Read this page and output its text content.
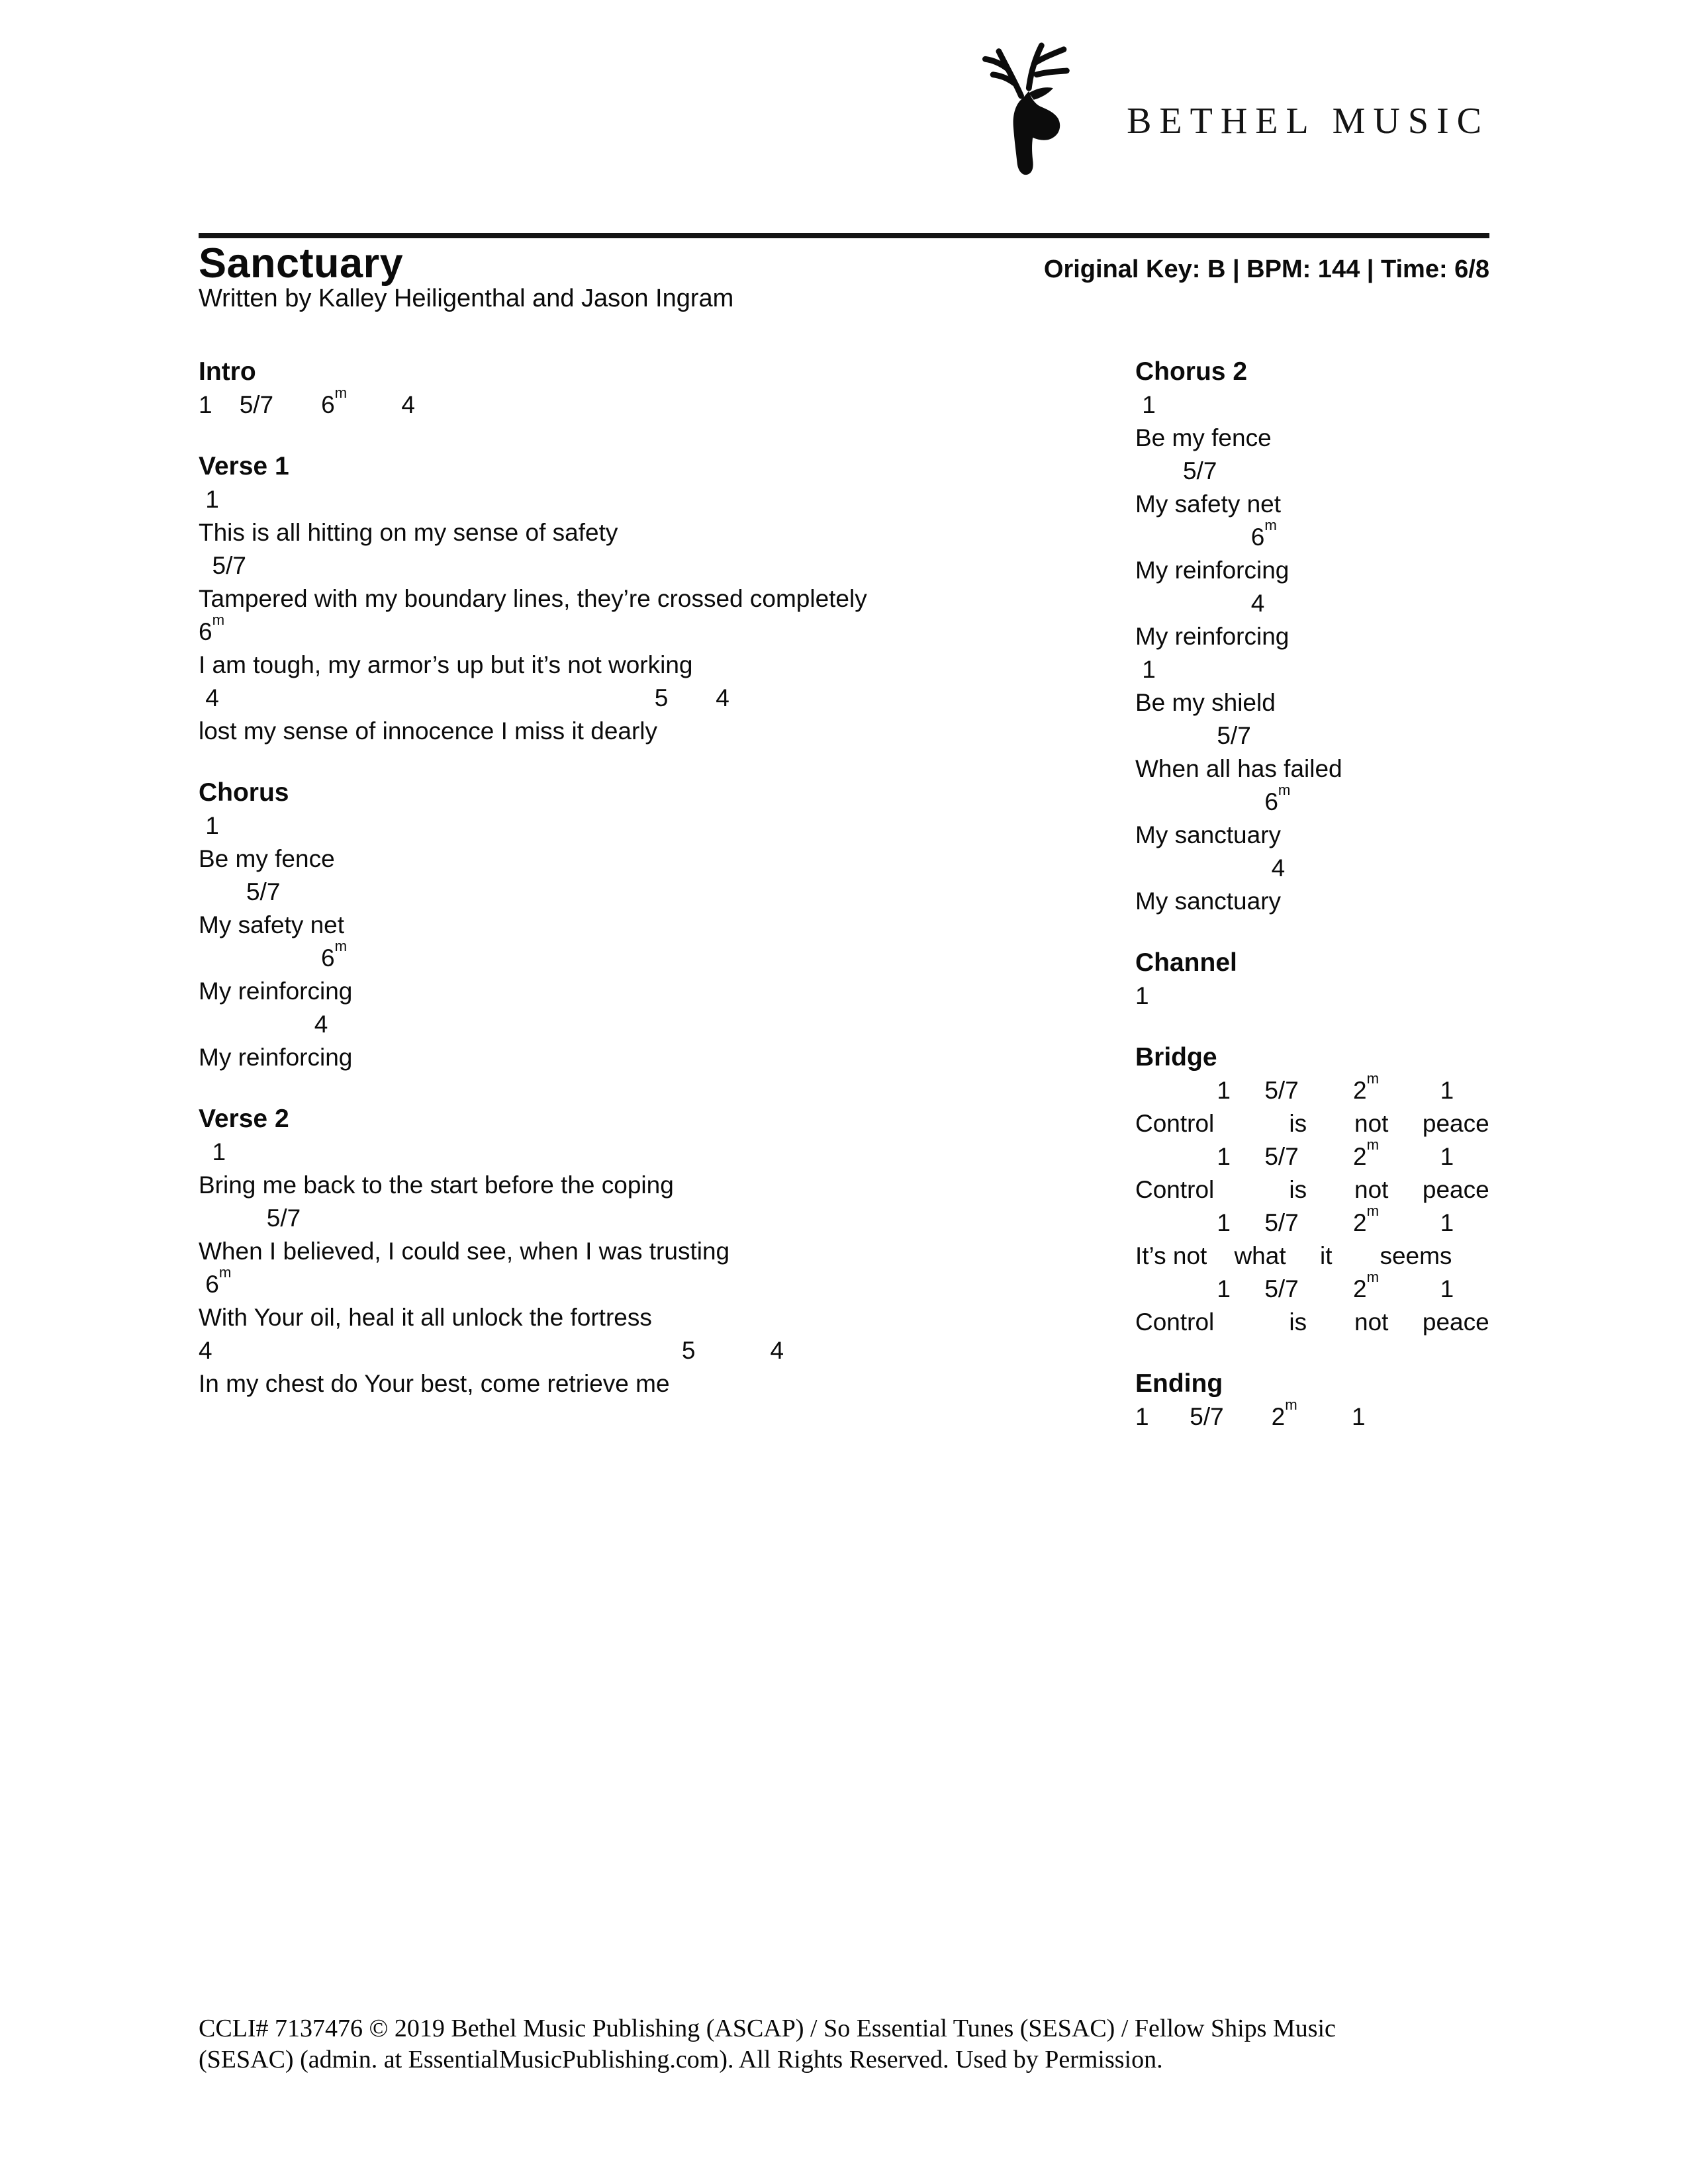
BETHEL MUSIC
Sanctuary	Original Key: B | BPM: 144 | Time: 6/8
Written by Kalley Heiligenthal and Jason Ingram
Intro
1    5/7       6$^m$        4
Verse 1
1
This is all hitting on my sense of safety
5/7
Tampered with my boundary lines, they’re crossed completely
6$^m$
I am tough, my armor’s up but it’s not working
4                                                                5       4
lost my sense of innocence I miss it dearly
Chorus
1
Be my fence
5/7
My safety net
6$^m$
My reinforcing
4
My reinforcing
Verse 2
1
Bring me back to the start before the coping
5/7
When I believed, I could see, when I was trusting
6$^m$
With Your oil, heal it all unlock the fortress
4                                                                     5           4
In my chest do Your best, come retrieve me
Chorus 2
1
Be my fence
5/7
My safety net
6$^m$
My reinforcing
4
My reinforcing
1
Be my shield
5/7
When all has failed
6$^m$
My sanctuary
4
My sanctuary
Channel
1
Bridge
1     5/7        2$^m$         1
Control           is       not     peace
1     5/7        2$^m$         1
Control           is       not     peace
1     5/7        2$^m$         1
It’s not    what     it       seems
1     5/7        2$^m$         1
Control           is       not     peace
Ending
1      5/7       2$^m$        1
CCLI# 7137476 © 2019 Bethel Music Publishing (ASCAP) / So Essential Tunes (SESAC) / Fellow Ships Music
(SESAC) (admin. at EssentialMusicPublishing.com). All Rights Reserved. Used by Permission.
